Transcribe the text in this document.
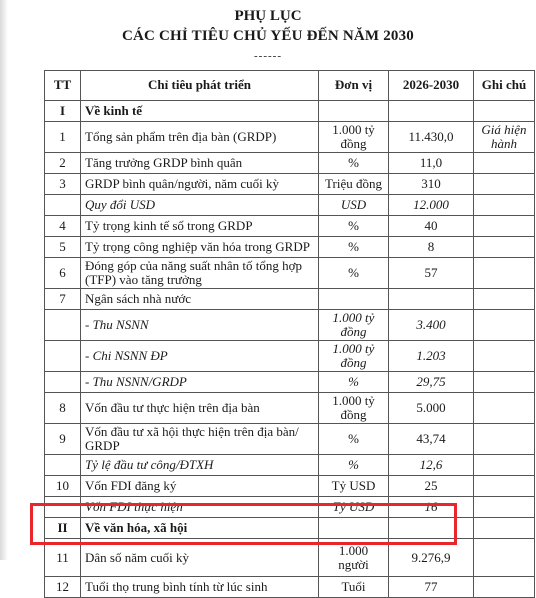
PHỤ LỤC
CÁC CHỈ TIÊU CHỦ YẾU ĐẾN NĂM 2030
------
TT	Chỉ tiêu phát triển	Đơn vị	2026-2030	Ghi chú
I	Về kinh tế			
1	Tổng sản phẩm trên địa bàn (GRDP)	1.000 tỷ đồng	11.430,0	Giá hiện hành
2	Tăng trưởng GRDP bình quân	%	11,0	
3	GRDP bình quân/người, năm cuối kỳ	Triệu đồng	310	
	Quy đổi USD	USD	12.000	
4	Tỷ trọng kinh tế số trong GRDP	%	40	
5	Tỷ trọng công nghiệp văn hóa trong GRDP	%	8	
6	Đóng góp của năng suất nhân tố tổng hợp (TFP) vào tăng trưởng	%	57	
7	Ngân sách nhà nước			
	- Thu NSNN	1.000 tỷ đồng	3.400	
	- Chi NSNN ĐP	1.000 tỷ đồng	1.203	
	- Thu NSNN/GRDP	%	29,75	
8	Vốn đầu tư thực hiện trên địa bàn	1.000 tỷ đồng	5.000	
9	Vốn đầu tư xã hội thực hiện trên địa bàn/ GRDP	%	43,74	
	Tỷ lệ đầu tư công/ĐTXH	%	12,6	
10	Vốn FDI đăng ký	Tỷ USD	25	
	Vốn FDI thực hiện	Tỷ USD	16	
II	Về văn hóa, xã hội			
11	Dân số năm cuối kỳ	1.000 người	9.276,9	
12	Tuổi thọ trung bình tính từ lúc sinh	Tuổi	77	
